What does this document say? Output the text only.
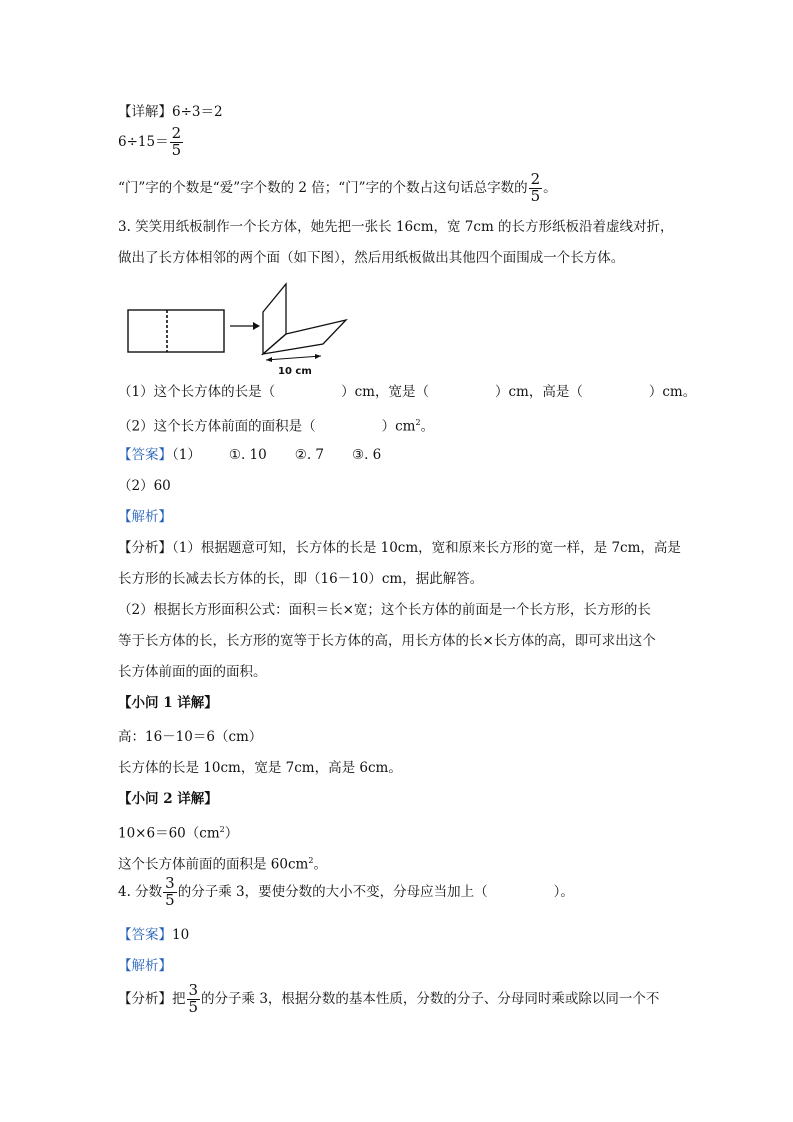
【详解】6÷3＝2
$6\div 15= \frac{2}{5}$
“门”字的个数是“爱”字个数的 2 倍；“门”字的个数占这句话总字数的 $\frac{2}{5}$ 。
3. 笑笑用纸板制作一个长方体，她先把一张长 16cm，宽 7cm 的长方形纸板沿着虚线对折，
做出了长方体相邻的两个面（如下图），然后用纸板做出其他四个面围成一个长方体。
10 cm
（1）这个长方体的长是（	）cm，宽是（	）cm，高是（	）cm。
（2）这个长方体前面的面积是（	）$cm^2$。
【答案】（1） ①. 10 ②. 7 ③. 6
（2）60
【解析】
【分析】（1）根据题意可知，长方体的长是 10cm，宽和原来长方形的宽一样，是 7cm，高是
长方形的长减去长方体的长，即（16－10）cm，据此解答。
（2）根据长方形面积公式：面积＝长×宽；这个长方体的前面是一个长方形，长方形的长
等于长方体的长，长方形的宽等于长方体的高，用长方体的长×长方体的高，即可求出这个
长方体前面的面的面积。
【小问 1 详解】
高：16－10＝6（cm）
长方体的长是 10cm，宽是 7cm，高是 6cm。
【小问 2 详解】
$10\times 6=60(cm^2)$
这个长方体前面的面积是 $60cm^2$。
4. 分数 $\frac{3}{5}$ 的分子乘 3，要使分数的大小不变，分母应当加上（	）。
【答案】10
【解析】
【分析】把 $\frac{3}{5}$ 的分子乘 3，根据分数的基本性质，分数的分子、分母同时乘或除以同一个不
